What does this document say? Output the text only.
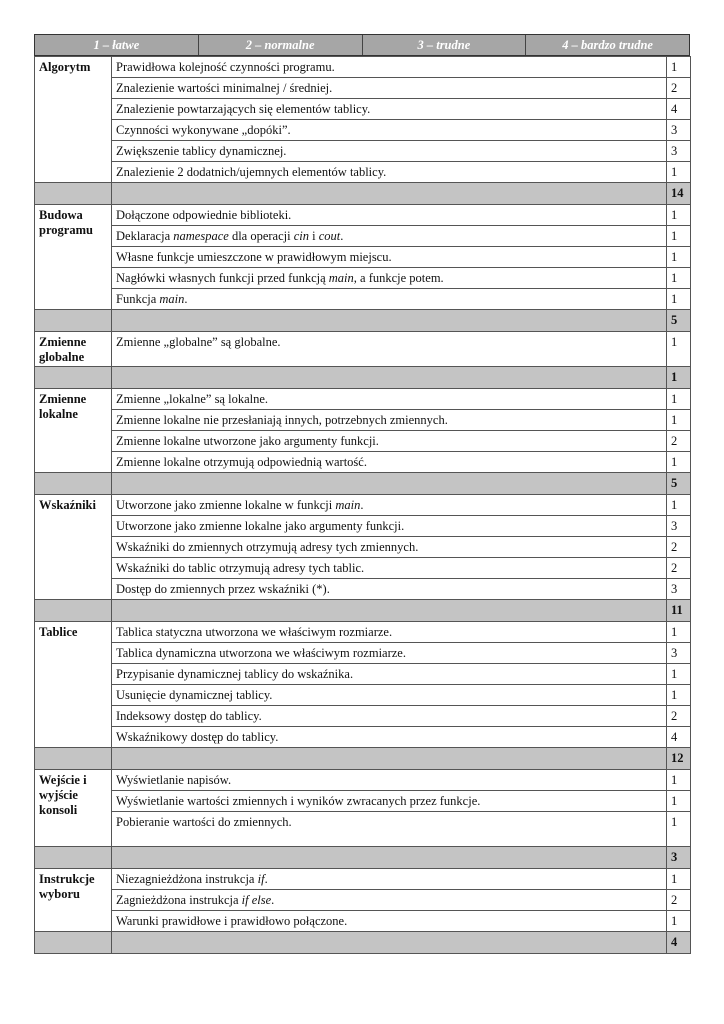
1 – łatwe	2 – normalne	3 – trudne	4 – bardzo trudne
Algorytm	Prawidłowa kolejność czynności programu.	1
	Znalezienie wartości minimalnej / średniej.	2
	Znalezienie powtarzających się elementów tablicy.	4
	Czynności wykonywane „dopóki”.	3
	Zwiększenie tablicy dynamicznej.	3
	Znalezienie 2 dodatnich/ujemnych elementów tablicy.	1
		14
Budowa programu	Dołączone odpowiednie biblioteki.	1
	Deklaracja namespace dla operacji cin i cout.	1
	Własne funkcje umieszczone w prawidłowym miejscu.	1
	Nagłówki własnych funkcji przed funkcją main, a funkcje potem.	1
	Funkcja main.	1
		5
Zmienne globalne	Zmienne „globalne” są globalne.	1
		1
Zmienne lokalne	Zmienne „lokalne” są lokalne.	1
	Zmienne lokalne nie przesłaniają innych, potrzebnych zmiennych.	1
	Zmienne lokalne utworzone jako argumenty funkcji.	2
	Zmienne lokalne otrzymują odpowiednią wartość.	1
		5
Wskaźniki	Utworzone jako zmienne lokalne w funkcji main.	1
	Utworzone jako zmienne lokalne jako argumenty funkcji.	3
	Wskaźniki do zmiennych otrzymują adresy tych zmiennych.	2
	Wskaźniki do tablic otrzymują adresy tych tablic.	2
	Dostęp do zmiennych przez wskaźniki (*).	3
		11
Tablice	Tablica statyczna utworzona we właściwym rozmiarze.	1
	Tablica dynamiczna utworzona we właściwym rozmiarze.	3
	Przypisanie dynamicznej tablicy do wskaźnika.	1
	Usunięcie dynamicznej tablicy.	1
	Indeksowy dostęp do tablicy.	2
	Wskaźnikowy dostęp do tablicy.	4
		12
Wejście i wyjście konsoli	Wyświetlanie napisów.	1
	Wyświetlanie wartości zmiennych i wyników zwracanych przez funkcje.	1
	Pobieranie wartości do zmiennych.	1
		3
Instrukcje wyboru	Niezagnieżdżona instrukcja if.	1
	Zagnieżdżona instrukcja if else.	2
	Warunki prawidłowe i prawidłowo połączone.	1
		4
